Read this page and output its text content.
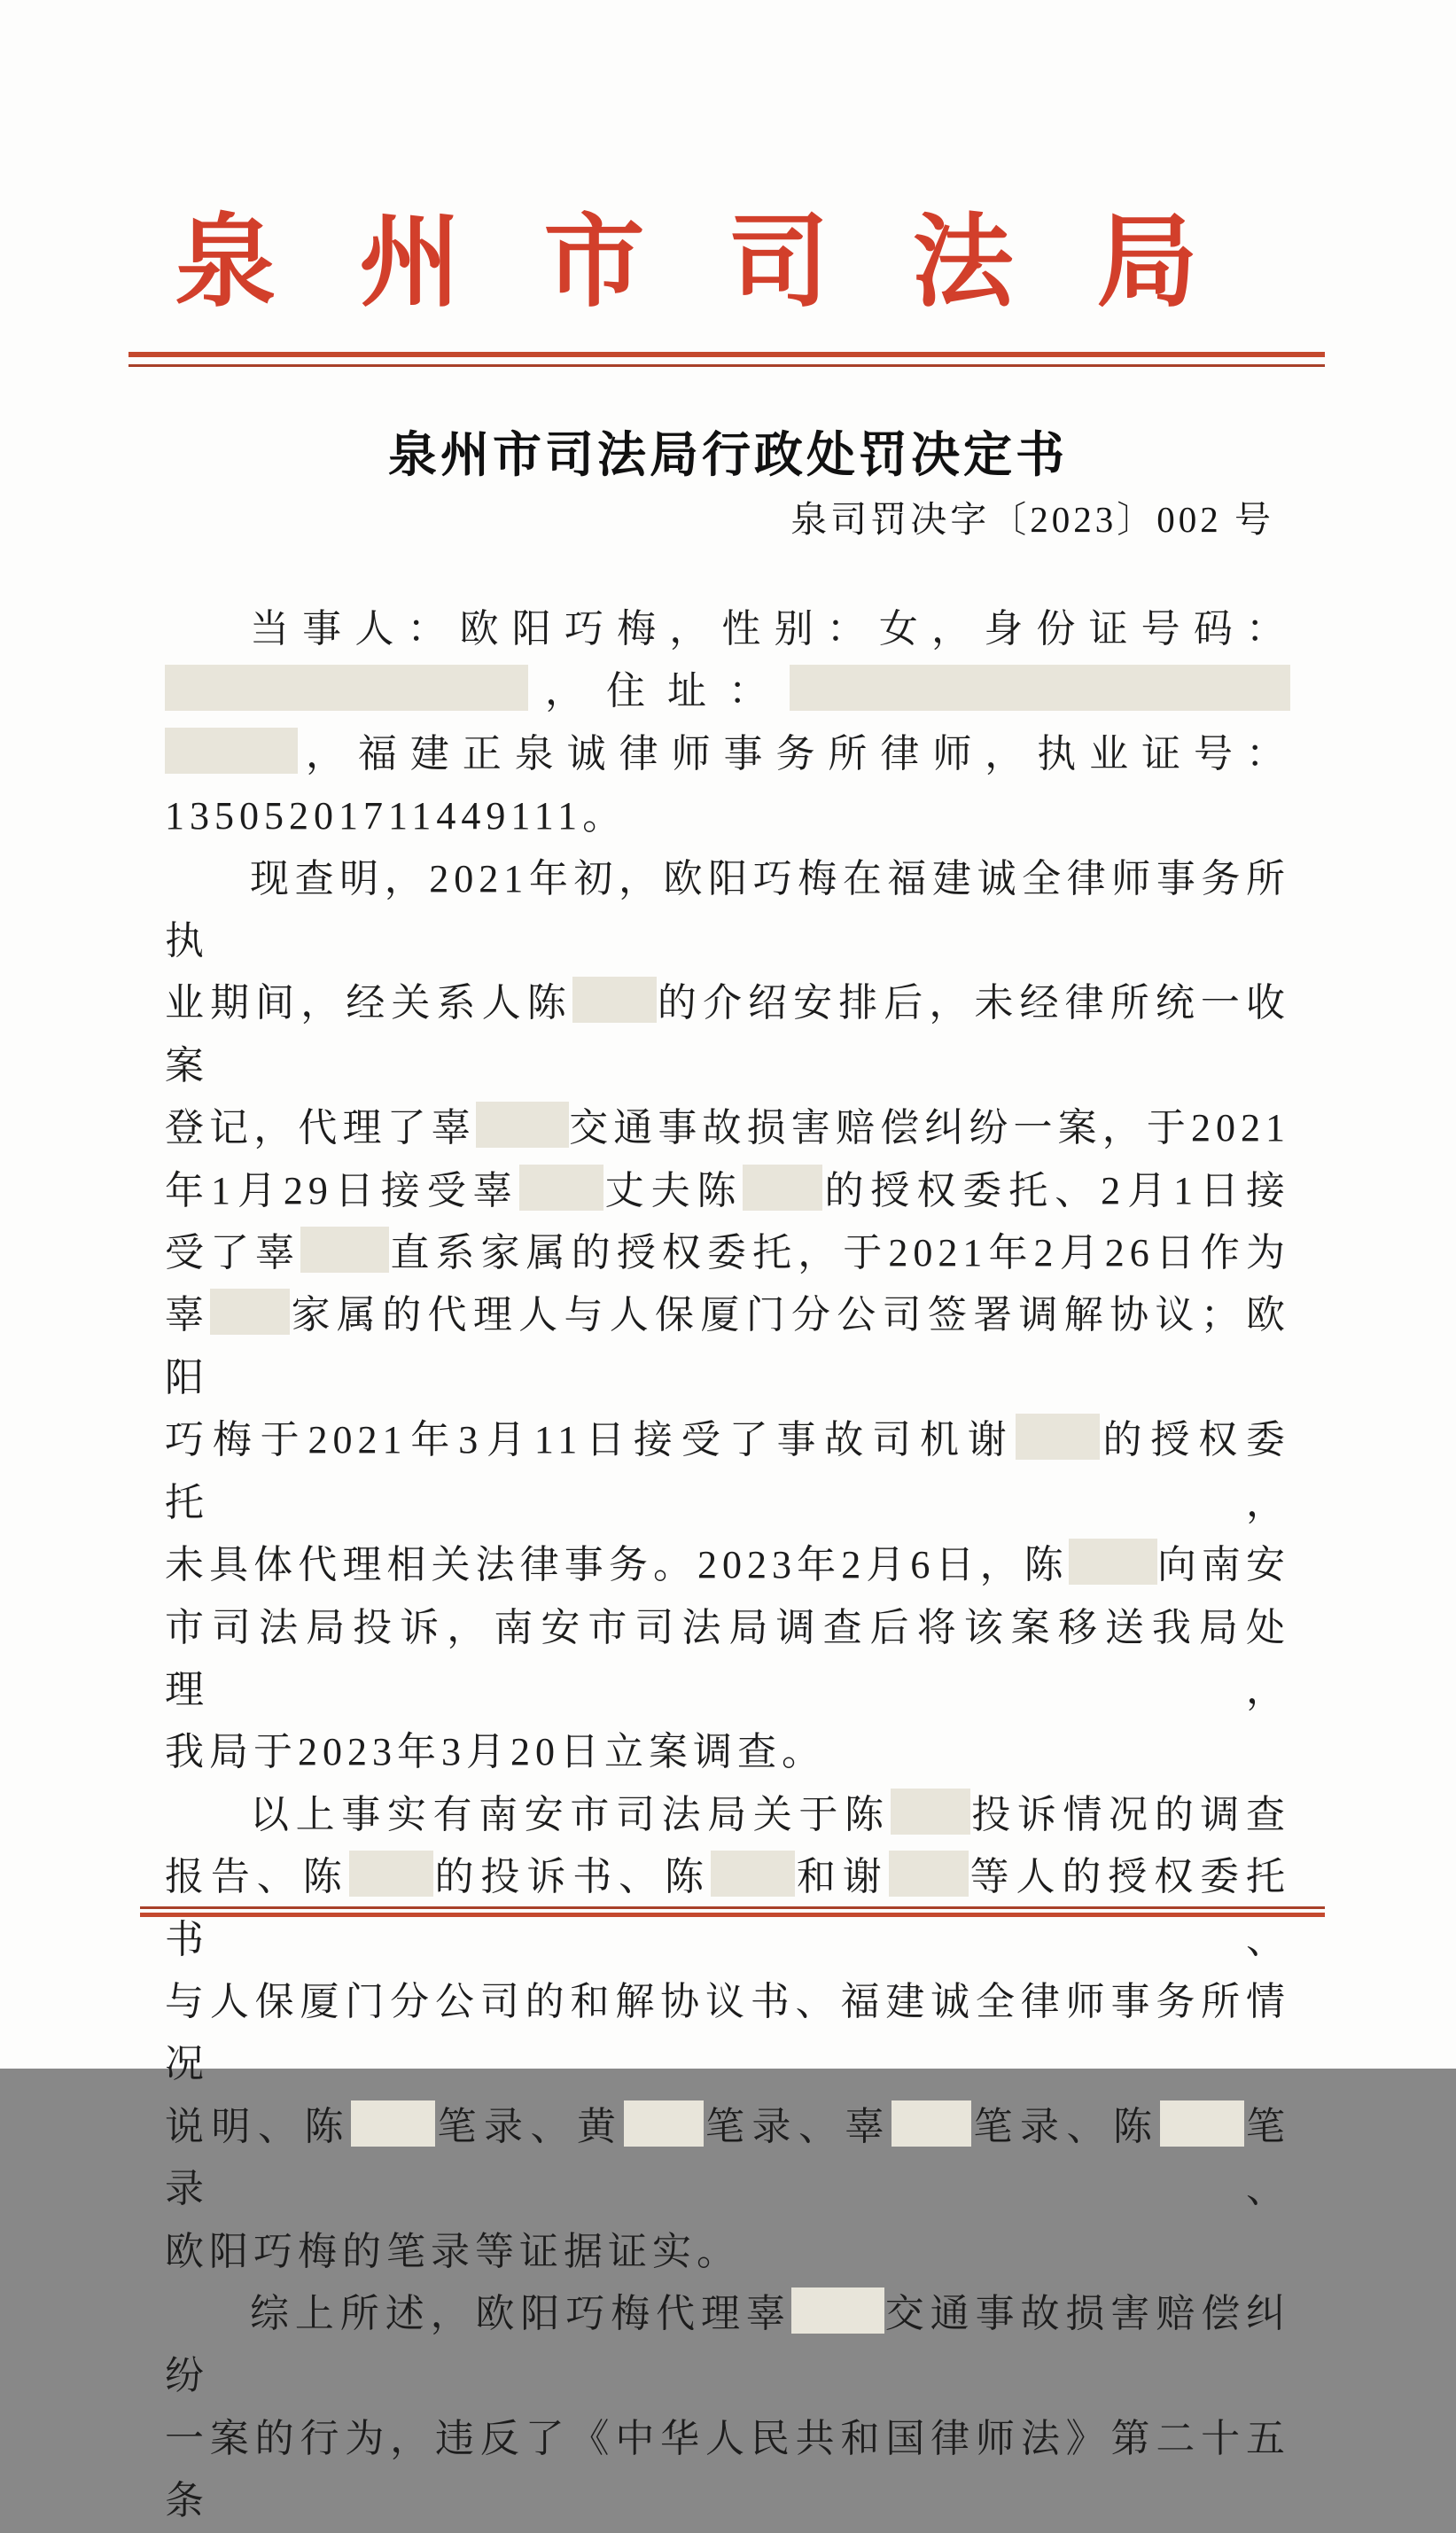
泉州市司法局
泉州市司法局行政处罚决定书
泉司罚决字〔2023〕002 号
当事人：欧阳巧梅，性别：女，身份证号码：
，住址：
，福建正泉诚律师事务所律师，执业证号：
13505201711449111。
现查明，2021年初，欧阳巧梅在福建诚全律师事务所执
业期间，经关系人陈 的介绍安排后，未经律所统一收案
登记，代理了辜 交通事故损害赔偿纠纷一案，于2021
年1月29日接受辜 丈夫陈 的授权委托、2月1日接
受了辜 直系家属的授权委托，于2021年2月26日作为
辜 家属的代理人与人保厦门分公司签署调解协议；欧阳
巧梅于2021年3月11日接受了事故司机谢 的授权委托，
未具体代理相关法律事务。2023年2月6日，陈 向南安
市司法局投诉，南安市司法局调查后将该案移送我局处理，
我局于2023年3月20日立案调查。
以上事实有南安市司法局关于陈 投诉情况的调查
报告、陈 的投诉书、陈 和谢 等人的授权委托书、
与人保厦门分公司的和解协议书、福建诚全律师事务所情况
说明、陈 笔录、黄 笔录、辜 笔录、陈 笔录、
欧阳巧梅的笔录等证据证实。
综上所述，欧阳巧梅代理辜 交通事故损害赔偿纠纷
一案的行为，违反了《中华人民共和国律师法》第二十五条
